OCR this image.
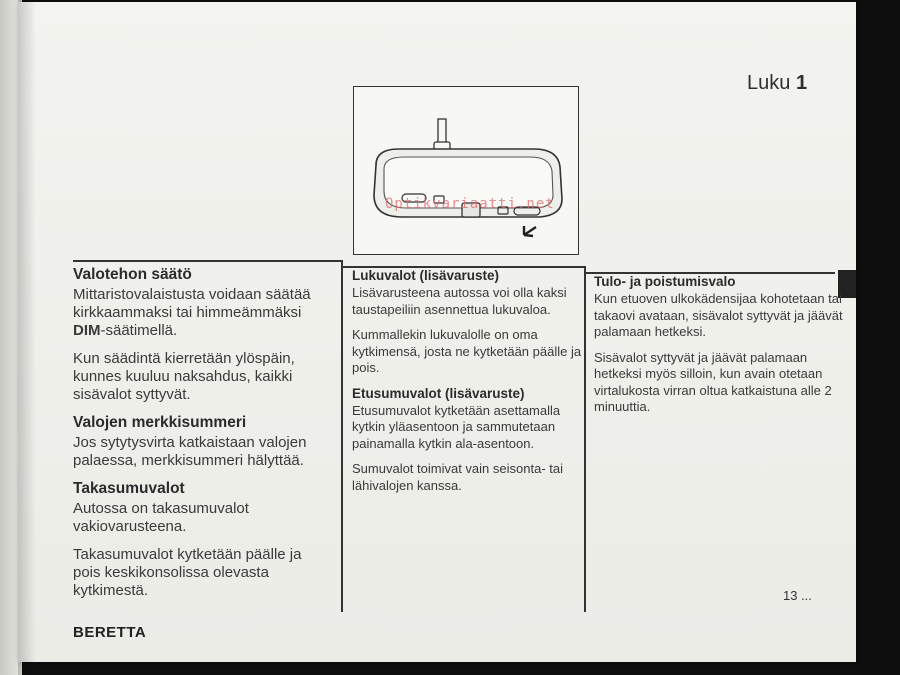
Luku 1
Optikvariaatti.net
Valotehon säätö

Mittaristovalaistusta voidaan säätää kirkkaammaksi tai himmeämmäksi DIM-säätimellä.

Kun säädintä kierretään ylöspäin, kunnes kuuluu naksahdus, kaikki sisävalot syttyvät.

Valojen merkkisummeri

Jos sytytysvirta katkaistaan valojen palaessa, merkkisummeri hälyttää.

Takasumuvalot

Autossa on takasumuvalot vakiovarusteena.

Takasumuvalot kytketään päälle ja pois keskikonsolissa olevasta kytkimestä.

Lukuvalot (lisävaruste)

Lisävarusteena autossa voi olla kaksi taustapeiliin asennettua lukuvaloa.

Kummallekin lukuvalolle on oma kytkimensä, josta ne kytketään päälle ja pois.

Etusumuvalot (lisävaruste)

Etusumuvalot kytketään asettamalla kytkin yläasentoon ja sammutetaan painamalla kytkin ala-asentoon.

Sumuvalot toimivat vain seisonta- tai lähivalojen kanssa.

Tulo- ja poistumisvalo

Kun etuoven ulkokädensijaa kohotetaan tai takaovi avataan, sisävalot syttyvät ja jäävät palamaan hetkeksi.

Sisävalot syttyvät ja jäävät palamaan hetkeksi myös silloin, kun avain otetaan virtalukosta virran oltua katkaistuna alle 2 minuuttia.

13 ...
BERETTA
